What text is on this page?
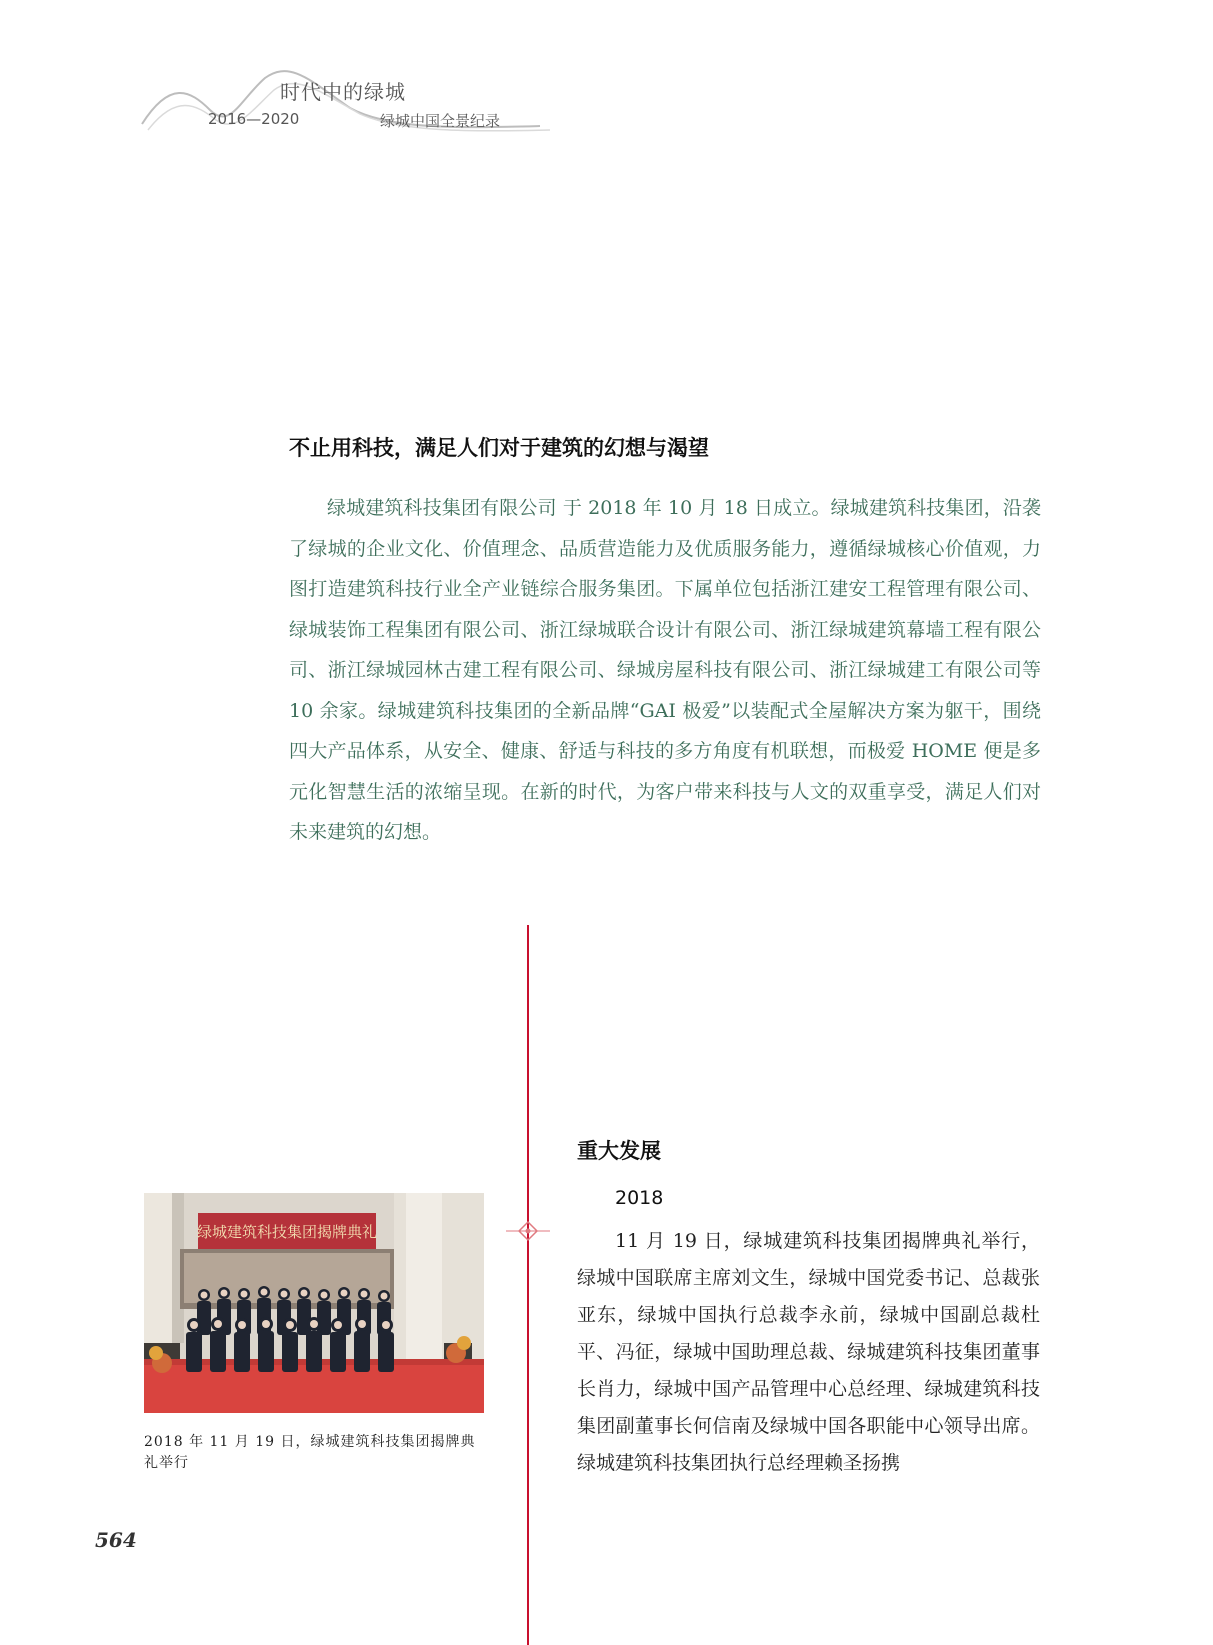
时代中的绿城
2016—2020	绿城中国全景纪录
不止用科技，满足人们对于建筑的幻想与渴望

绿城建筑科技集团有限公司 于 2018 年 10 月 18 日成立。绿城建筑科技集团，沿袭了绿城的企业文化、价值理念、品质营造能力及优质服务能力，遵循绿城核心价值观，力图打造建筑科技行业全产业链综合服务集团。下属单位包括浙江建安工程管理有限公司、绿城装饰工程集团有限公司、浙江绿城联合设计有限公司、浙江绿城建筑幕墙工程有限公司、浙江绿城园林古建工程有限公司、绿城房屋科技有限公司、浙江绿城建工有限公司等 10 余家。绿城建筑科技集团的全新品牌“GAI 极爱”以装配式全屋解决方案为躯干，围绕四大产品体系，从安全、健康、舒适与科技的多方角度有机联想，而极爱 HOME 便是多元化智慧生活的浓缩呈现。在新的时代，为客户带来科技与人文的双重享受，满足人们对未来建筑的幻想。

重大发展
2018

11 月 19 日，绿城建筑科技集团揭牌典礼举行，绿城中国联席主席刘文生，绿城中国党委书记、总裁张亚东，绿城中国执行总裁李永前，绿城中国副总裁杜平、冯征，绿城中国助理总裁、绿城建筑科技集团董事长肖力，绿城中国产品管理中心总经理、绿城建筑科技集团副董事长何信南及绿城中国各职能中心领导出席。绿城建筑科技集团执行总经理赖圣扬携

绿城建筑科技集团揭牌典礼

2018 年 11 月 19 日，绿城建筑科技集团揭牌典礼举行

564
